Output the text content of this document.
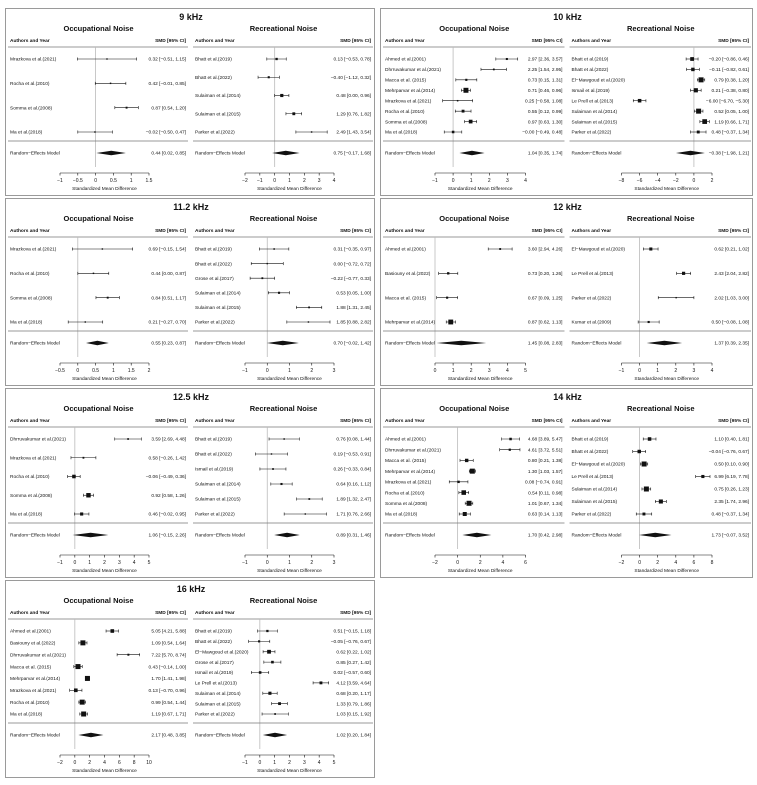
9 kHz
Occupational Noise
Authors and Year	SMD [95% CI]
Mrazkova et al.(2021)	0.32 [−0.51, 1.15]
Rocha et al.(2010)	0.42 [−0.01, 0.85]
Somma et al.(2008)	0.87 [0.54, 1.20]
Ma et al.(2018)	−0.02 [−0.50, 0.47]
Random−Effects Model	0.44 [0.02, 0.85]
−1 −0.5 0	0.5	1	1.5
Standardized Mean Difference
Recreational Noise
Authors and Year	SMD [95% CI]
Bhatt et al.(2019)	0.13 [−0.53, 0.78]
Bhatt et al.(2022)	−0.40 [−1.12, 0.32]
Sulaiman et al.(2014)	0.48 [0.00, 0.96]
Sulaiman et al.(2015)	1.29 [0.76, 1.82]
Parker et al.(2022)	2.49 [1.43, 3.54]
Random−Effects Model	0.75 [−0.17, 1.68]
−2 −1 0 1 2 3 4
Standardized Mean Difference
10 kHz
Occupational Noise
Authors and Year	SMD [95% CI]
Ahmed et al.(2001)	2.97 [2.36, 3.57]
Dhrruvakumar et al.(2021)	2.25 [1.54, 2.95]
Macca et al. (2015)	0.73 [0.15, 1.31]
Mehrparvar et al.(2014)	0.71 [0.46, 0.96]
Mrazkova et al.(2021)	0.25 [−0.58, 1.08]
Rocha et al.(2010)	0.55 [0.12, 0.99]
Somma et al.(2008)	0.97 [0.63, 1.30]
Ma et al.(2018)	−0.00 [−0.49, 0.48]
Random−Effects Model	1.04 [0.35, 1.74]
−1	0	1	2	3	4
Standardized Mean Difference
Recreational Noise
Authors and Year	SMD [95% CI]
Bhatt et al.(2019)	−0.20 [−0.86, 0.46]
Bhatt et al.(2022)	−0.11 [−0.82, 0.61]
El−Mawgoud et al.(2020)	0.79 [0.38, 1.20]
Ismail et al.(2019)	0.21 [−0.38, 0.80]
Le Prell et al.(2013)	−6.00 [−6.70, −5.30]
Sulaiman et al.(2014)	0.52 [0.05, 1.00]
Sulaiman et al.(2015)	1.19 [0.66, 1.71]
Parker et al.(2022)	0.48 [−0.37, 1.34]
Random−Effects Model	−0.38 [−1.98, 1.21]
−8 −6 −4 −2	0	2
Standardized Mean Difference
11.2 kHz
Occupational Noise
Authors and Year	SMD [95% CI]
Mrazkova et al.(2021)	0.69 [−0.15, 1.54]
Rocha et al.(2010)	0.44 [0.00, 0.87]
Somma et al.(2008)	0.84 [0.51, 1.17]
Ma et al.(2018)	0.21 [−0.27, 0.70]
Random−Effects Model	0.55 [0.23, 0.87]
−0.5 0	0.5	1	1.5	2
Standardized Mean Difference
Recreational Noise
Authors and Year	SMD [95% CI]
Bhatt et al.(2019)	0.31 [−0.35, 0.97]
Bhatt et al.(2022)	0.00 [−0.72, 0.72]
Grose et al.(2017)	−0.22 [−0.77, 0.33]
Sulaiman et al.(2014)	0.53 [0.05, 1.00]
Sulaiman et al.(2015)	1.88 [1.31, 2.45]
Parker et al.(2022)	1.85 [0.88, 2.82]
Random−Effects Model	0.70 [−0.02, 1.42]
−1	0	1	2	3
Standardized Mean Difference
12 kHz
Occupational Noise
Authors and Year	SMD [95% CI]
Ahmed et al.(2001)	3.60 [2.94, 4.26]
Basiouny et al.(2022)	0.73 [0.20, 1.26]
Macca et al. (2015)	0.67 [0.09, 1.25]
Mehrparvar et al.(2014)	0.87 [0.62, 1.13]
Random−Effects Model	1.45 [0.08, 2.83]
0	1	2	3	4	5
Standardized Mean Difference
Recreational Noise
Authors and Year	SMD [95% CI]
El−Mawgoud et al.(2020)	0.62 [0.21, 1.02]
Le Prell et al.(2013)	2.43 [2.04, 2.82]
Parker et al.(2022)	2.02 [1.03, 3.00]
Kumar et al.(2009)	0.50 [−0.08, 1.08]
Random−Effects Model	1.37 [0.39, 2.35]
−1	0	1	2	3	4
Standardized Mean Difference
12.5 kHz
Occupational Noise
Authors and Year	SMD [95% CI]
Dhrruvakumar et al.(2021)	3.59 [2.69, 4.48]
Mrazkova et al.(2021)	0.58 [−0.26, 1.42]
Rocha et al.(2010)	−0.06 [−0.49, 0.36]
Somma et al.(2008)	0.92 [0.58, 1.26]
Ma et al.(2018)	0.46 [−0.02, 0.95]
Random−Effects Model	1.06 [−0.15, 2.26]
−1 0 1 2 3 4 5
Standardized Mean Difference
Recreational Noise
Authors and Year	SMD [95% CI]
Bhatt et al.(2019)	0.76 [0.08, 1.44]
Bhatt et al.(2022)	0.19 [−0.53, 0.91]
Ismail et al.(2019)	0.26 [−0.33, 0.84]
Sulaiman et al.(2014)	0.64 [0.16, 1.12]
Sulaiman et al.(2015)	1.89 [1.32, 2.47]
Parker et al.(2022)	1.71 [0.76, 2.66]
Random−Effects Model	0.89 [0.31, 1.46]
−1	0	1	2	3
Standardized Mean Difference
14 kHz
Occupational Noise
Authors and Year	SMD [95% CI]
Ahmed et al.(2001)	4.68 [3.89, 5.47]
Dhrruvakumar et al.(2021)	4.61 [3.72, 5.51]
Macca et al. (2015)	0.80 [0.21, 1.38]
Mehrparvar et al.(2014)	1.30 [1.03, 1.57]
Mrazkova et al.(2021)	0.08 [−0.74, 0.91]
Rocha et al.(2010)	0.54 [0.11, 0.98]
Somma et al.(2008)	1.01 [0.67, 1.34]
Ma et al.(2018)	0.63 [0.14, 1.13]
Random−Effects Model	1.70 [0.42, 2.98]
−2	0	2	4	6
Standardized Mean Difference
Recreational Noise
Authors and Year	SMD [95% CI]
Bhatt et al.(2019)	1.10 [0.40, 1.81]
Bhatt et al.(2022)	−0.04 [−0.76, 0.67]
El−Mawgoud et al.(2020)	0.50 [0.10, 0.90]
Le Prell et al.(2013)	6.99 [6.19, 7.78]
Sulaiman et al.(2014)	0.75 [0.26, 1.23]
Sulaiman et al.(2015)	2.35 [1.74, 2.96]
Parker et al.(2022)	0.48 [−0.37, 1.34]
Random−Effects Model	1.73 [−0.07, 3.52]
−2	0	2	4	6	8
Standardized Mean Difference
16 kHz
Occupational Noise
Authors and Year	SMD [95% CI]
Ahmed et al.(2001)	5.05 [4.21, 5.88]
Basiouny et al.(2022)	1.09 [0.54, 1.64]
Dhrruvakumar et al.(2021)	7.22 [5.70, 8.74]
Macca et al. (2015)	0.43 [−0.14, 1.00]
Mehrparvar et al.(2014)	1.70 [1.41, 1.98]
Mrazkova et al.(2021)	0.13 [−0.70, 0.96]
Rocha et al.(2010)	0.99 [0.54, 1.44]
Ma et al.(2018)	1.19 [0.67, 1.71]
Random−Effects Model	2.17 [0.48, 3.85]
−2 0 2 4 6 8 10
Standardized Mean Difference
Recreational Noise
Authors and Year	SMD [95% CI]
Bhatt et al.(2019)	0.51 [−0.15, 1.18]
Bhatt et al.(2022)	−0.05 [−0.76, 0.67]
El−Mawgoud et al.(2020)	0.62 [0.22, 1.02]
Grose et al.(2017)	0.85 [0.27, 1.42]
Ismail et al.(2019)	0.02 [−0.57, 0.60]
Le Prell et al.(2013)	4.12 [3.59, 4.64]
Sulaiman et al.(2014)	0.68 [0.20, 1.17]
Sulaiman et al.(2015)	1.33 [0.79, 1.86]
Parker et al.(2022)	1.03 [0.15, 1.92]
Random−Effects Model	1.02 [0.20, 1.84]
−1 0 1 2 3 4 5
Standardized Mean Difference
